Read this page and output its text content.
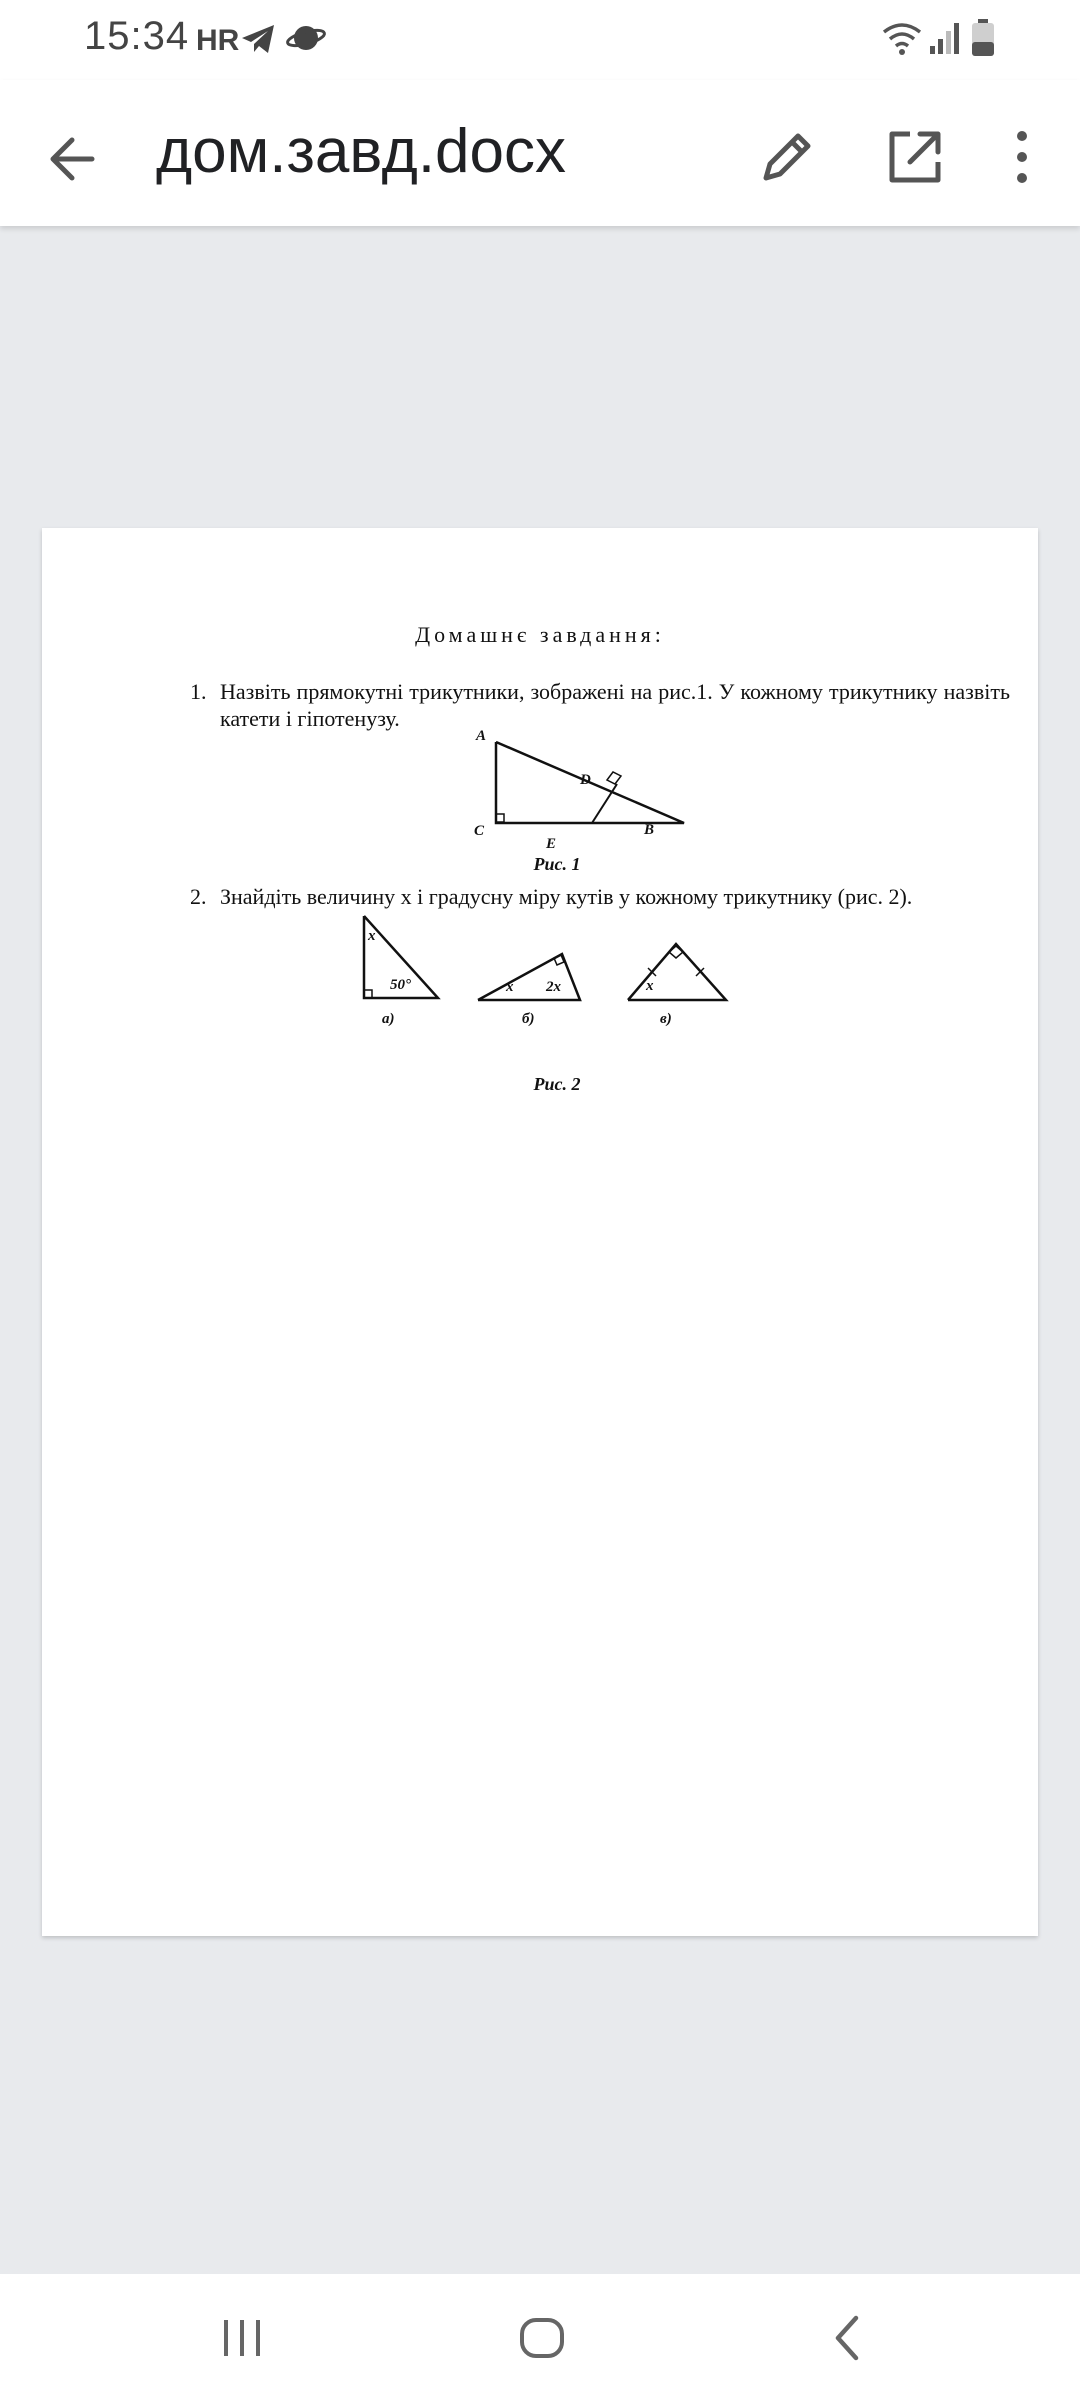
15:34 HR
дом.завд.docx
Домашнє завдання:
1. Назвіть прямокутні трикутники, зображені на рис.1. У кожному трикутнику назвіть катети і гіпотенузу.
A
D
C
E
B
Рис. 1
2. Знайдіть величину x і градусну міру кутів у кожному трикутнику (рис. 2).
x
50°
а)
x 2x
б)
x
в)
Рис. 2
